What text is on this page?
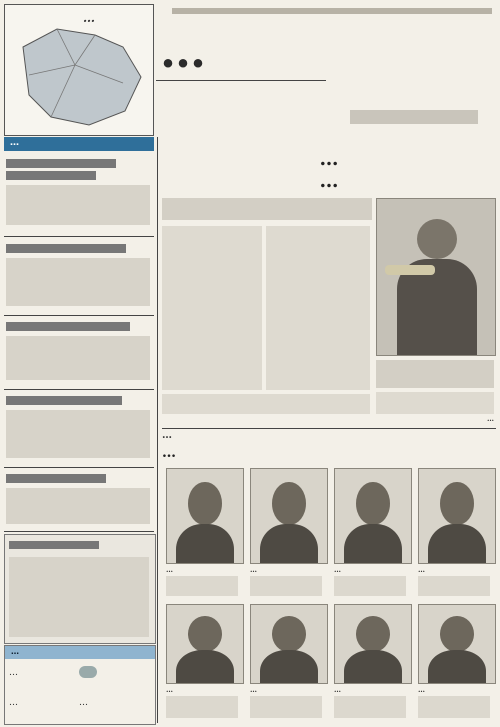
…
…
…
…
…
…	…
…
…
…
…
…
…	…	…	…
…	…	…	…
